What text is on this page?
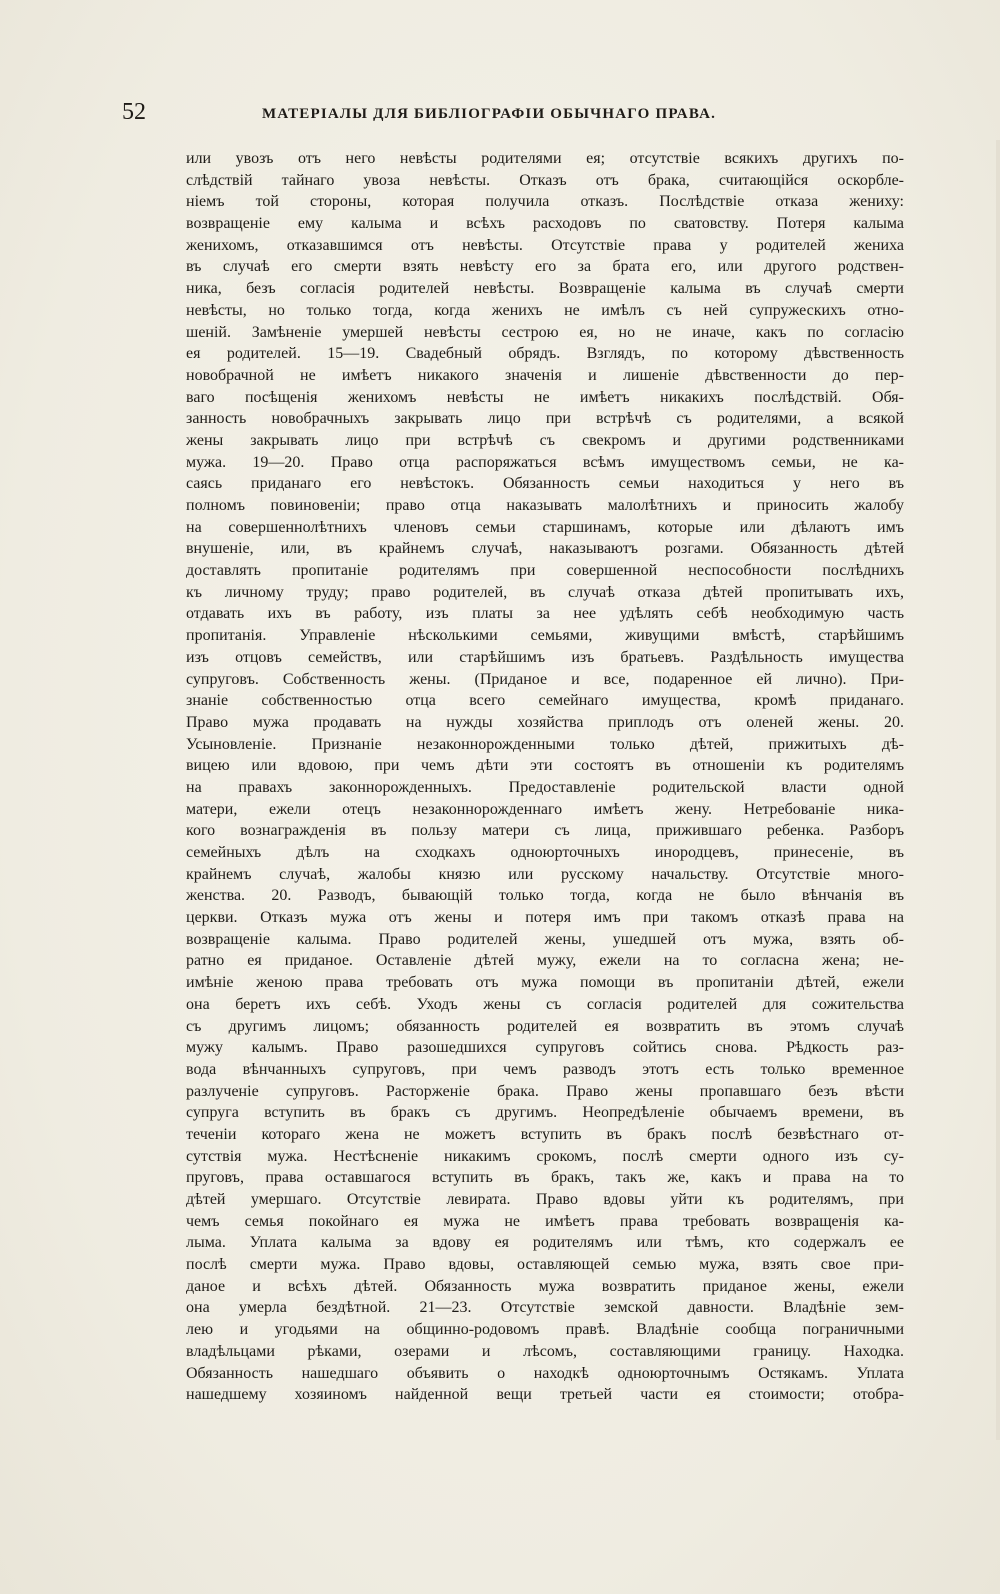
52	МАТЕРІАЛЫ ДЛЯ БИБЛІОГРАФІИ ОБЫЧНАГО ПРАВА.
или увозъ отъ него невѣсты родителями ея; отсутствіе всякихъ другихъ по-
слѣдствій тайнаго увоза невѣсты. Отказъ отъ брака, считающійся оскорбле-
ніемъ той стороны, которая получила отказъ. Послѣдствіе отказа жениху:
возвращеніе ему калыма и всѣхъ расходовъ по сватовству. Потеря калыма
женихомъ, отказавшимся отъ невѣсты. Отсутствіе права у родителей жениха
въ случаѣ его смерти взять невѣсту его за брата его, или другого родствен-
ника, безъ согласія родителей невѣсты. Возвращеніе калыма въ случаѣ смерти
невѣсты, но только тогда, когда женихъ не имѣлъ съ ней супружескихъ отно-
шеній. Замѣненіе умершей невѣсты сестрою ея, но не иначе, какъ по согласію
ея родителей. 15—19. Свадебный обрядъ. Взглядъ, по которому дѣвственность
новобрачной не имѣетъ никакого значенія и лишеніе дѣвственности до пер-
ваго посѣщенія женихомъ невѣсты не имѣетъ никакихъ послѣдствій. Обя-
занность новобрачныхъ закрывать лицо при встрѣчѣ съ родителями, а всякой
жены закрывать лицо при встрѣчѣ съ свекромъ и другими родственниками
мужа. 19—20. Право отца распоряжаться всѣмъ имуществомъ семьи, не ка-
саясь приданаго его невѣстокъ. Обязанность семьи находиться у него въ
полномъ повиновеніи; право отца наказывать малолѣтнихъ и приносить жалобу
на совершеннолѣтнихъ членовъ семьи старшинамъ, которые или дѣлаютъ имъ
внушеніе, или, въ крайнемъ случаѣ, наказываютъ розгами. Обязанность дѣтей
доставлять пропитаніе родителямъ при совершенной неспособности послѣднихъ
къ личному труду; право родителей, въ случаѣ отказа дѣтей пропитывать ихъ,
отдавать ихъ въ работу, изъ платы за нее удѣлять себѣ необходимую часть
пропитанія. Управленіе нѣсколькими семьями, живущими вмѣстѣ, старѣйшимъ
изъ отцовъ семействъ, или старѣйшимъ изъ братьевъ. Раздѣльность имущества
супруговъ. Собственность жены. (Приданое и все, подаренное ей лично). При-
знаніе собственностью отца всего семейнаго имущества, кромѣ приданаго.
Право мужа продавать на нужды хозяйства приплодъ отъ оленей жены. 20.
Усыновленіе. Признаніе незаконнорожденными только дѣтей, прижитыхъ дѣ-
вицею или вдовою, при чемъ дѣти эти состоятъ въ отношеніи къ родителямъ
на правахъ законнорожденныхъ. Предоставленіе родительской власти одной
матери, ежели отецъ незаконнорожденнаго имѣетъ жену. Нетребованіе ника-
кого вознагражденія въ пользу матери съ лица, прижившаго ребенка. Разборъ
семейныхъ дѣлъ на сходкахъ одноюрточныхъ инородцевъ, принесеніе, въ
крайнемъ случаѣ, жалобы князю или русскому начальству. Отсутствіе много-
женства. 20. Разводъ, бывающій только тогда, когда не было вѣнчанія въ
церкви. Отказъ мужа отъ жены и потеря имъ при такомъ отказѣ права на
возвращеніе калыма. Право родителей жены, ушедшей отъ мужа, взять об-
ратно ея приданое. Оставленіе дѣтей мужу, ежели на то согласна жена; не-
имѣніе женою права требовать отъ мужа помощи въ пропитаніи дѣтей, ежели
она беретъ ихъ себѣ. Уходъ жены съ согласія родителей для сожительства
съ другимъ лицомъ; обязанность родителей ея возвратить въ этомъ случаѣ
мужу калымъ. Право разошедшихся супруговъ сойтись снова. Рѣдкость раз-
вода вѣнчанныхъ супруговъ, при чемъ разводъ этотъ есть только временное
разлученіе супруговъ. Расторженіе брака. Право жены пропавшаго безъ вѣсти
супруга вступить въ бракъ съ другимъ. Неопредѣленіе обычаемъ времени, въ
теченіи котораго жена не можетъ вступить въ бракъ послѣ безвѣстнаго от-
сутствія мужа. Нестѣсненіе никакимъ срокомъ, послѣ смерти одного изъ су-
пруговъ, права оставшагося вступить въ бракъ, такъ же, какъ и права на то
дѣтей умершаго. Отсутствіе левирата. Право вдовы уйти къ родителямъ, при
чемъ семья покойнаго ея мужа не имѣетъ права требовать возвращенія ка-
лыма. Уплата калыма за вдову ея родителямъ или тѣмъ, кто содержалъ ее
послѣ смерти мужа. Право вдовы, оставляющей семью мужа, взять свое при-
даное и всѣхъ дѣтей. Обязанность мужа возвратить приданое жены, ежели
она умерла бездѣтной. 21—23. Отсутствіе земской давности. Владѣніе зем-
лею и угодьями на общинно-родовомъ правѣ. Владѣніе сообща пограничными
владѣльцами рѣками, озерами и лѣсомъ, составляющими границу. Находка.
Обязанность нашедшаго объявить о находкѣ одноюрточнымъ Остякамъ. Уплата
нашедшему хозяиномъ найденной вещи третьей части ея стоимости; отобра-
